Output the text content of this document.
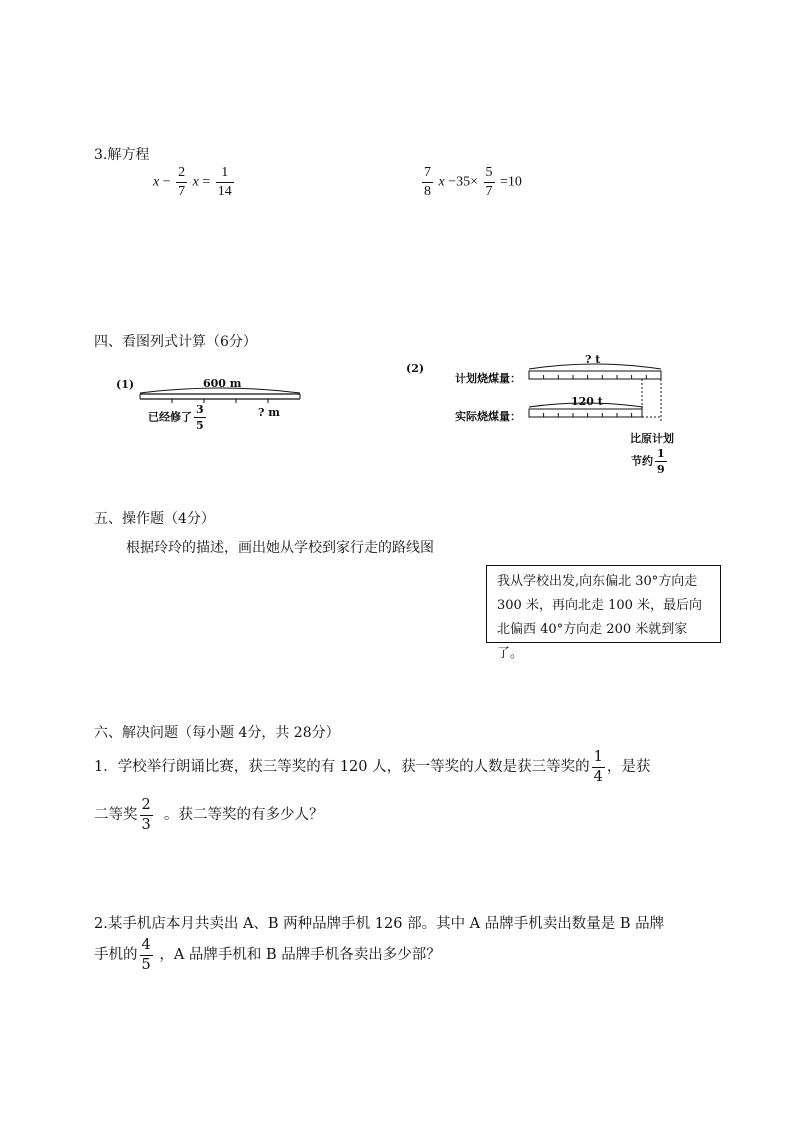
3.解方程
$x - \frac{2}{7}$ $x = \frac{1}{14}$	$\frac{7}{8}$ $x -35\times \frac{5}{7} =10$
四、看图列式计算（6分）
(1)	600 m
已经修了 $\frac{3}{5}$	? m
(2)
计划烧煤量：
? t
实际烧煤量：
120 t
比原计划
节约 $\frac{1}{9}$
五、操作题（4分）
根据玲玲的描述，画出她从学校到家行走的路线图
我从学校出发,向东偏北 30°方向走 300 米，再向北走 100 米，最后向北偏西 40°方向走 200 米就到家了。
六、解决问题（每小题 4分，共 28分）
1．学校举行朗诵比赛，获三等奖的有 120 人，获一等奖的人数是获三等奖的 $\frac{1}{4}$ ，是获
二等奖 $\frac{2}{3}$ 。获二等奖的有多少人？
2.某手机店本月共卖出 A、B 两种品牌手机 126 部。其中 A 品牌手机卖出数量是 B 品牌
手机的 $\frac{4}{5}$ ，A 品牌手机和 B 品牌手机各卖出多少部？
